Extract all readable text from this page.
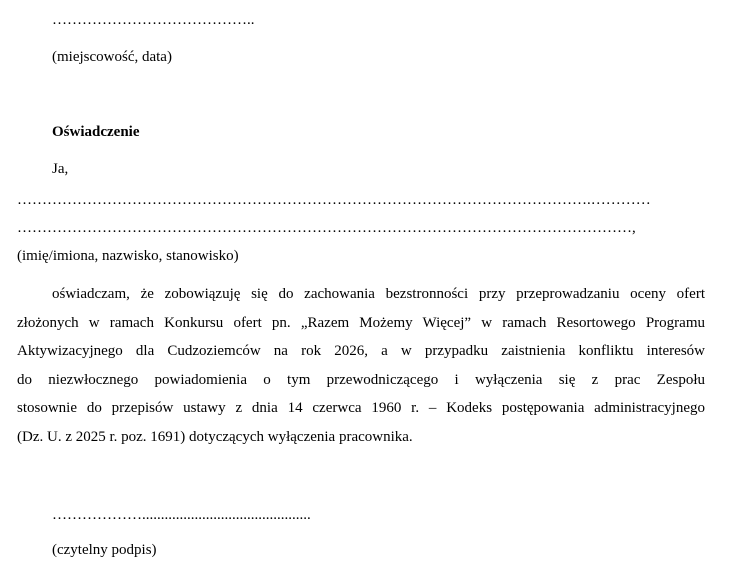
…………………………………..
(miejscowość, data)
Oświadczenie
Ja,
…………………………………………………………………………………………………….…………
……………………………………………………………………………………………………………,
(imię/imiona, nazwisko, stanowisko)
oświadczam, że zobowiązuję się do zachowania bezstronności przy przeprowadzaniu oceny ofert
złożonych w ramach Konkursu ofert pn. „Razem Możemy Więcej” w ramach Resortowego Programu
Aktywizacyjnego dla Cudzoziemców na rok 2026, a w przypadku zaistnienia konfliktu interesów
do niezwłocznego powiadomienia o tym przewodniczącego i wyłączenia się z prac Zespołu
stosownie do przepisów ustawy z dnia 14 czerwca 1960 r. – Kodeks postępowania administracyjnego
(Dz. U. z 2025 r. poz. 1691) dotyczących wyłączenia pracownika.
……………….............................................
(czytelny podpis)
